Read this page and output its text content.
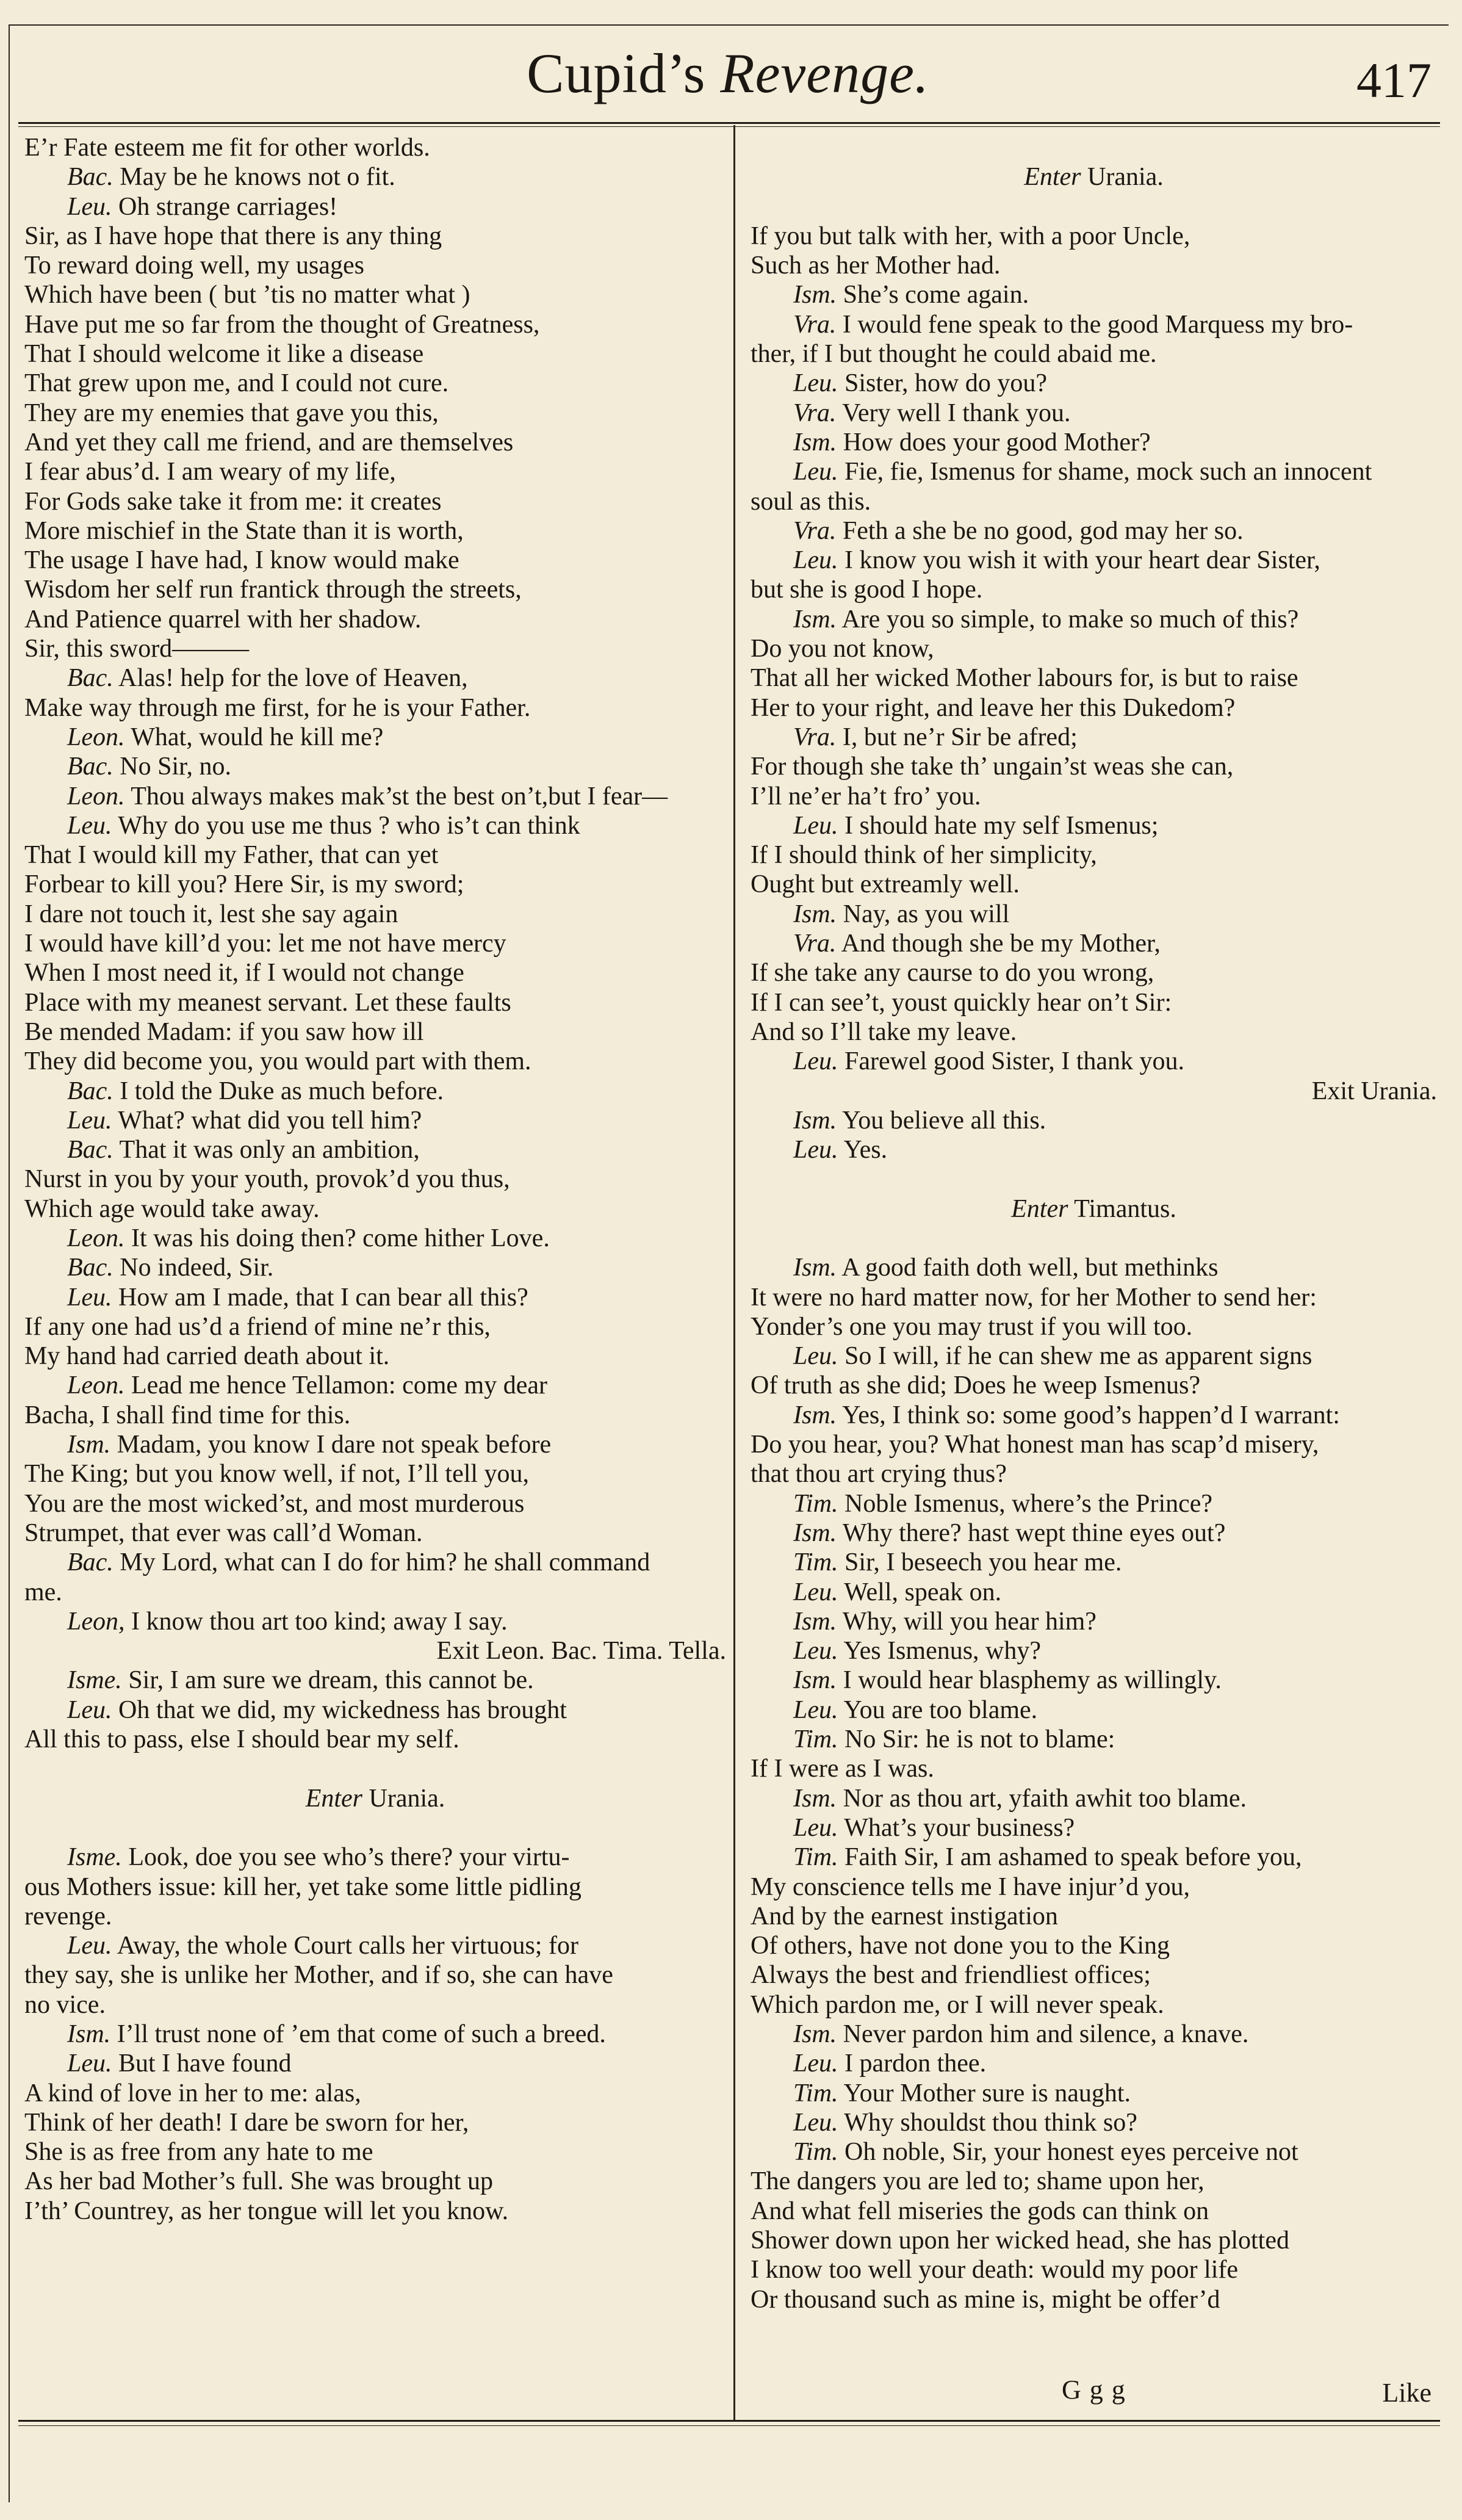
Cupid’s Revenge.	417
E’r Fate esteem me fit for other worlds.
Bac. May be he knows not o fit.
Leu. Oh strange carriages!
Sir, as I have hope that there is any thing
To reward doing well, my usages
Which have been ( but ’tis no matter what )
Have put me so far from the thought of Greatness,
That I should welcome it like a disease
That grew upon me, and I could not cure.
They are my enemies that gave you this,
And yet they call me friend, and are themselves
I fear abus’d. I am weary of my life,
For Gods sake take it from me: it creates
More mischief in the State than it is worth,
The usage I have had, I know would make
Wisdom her self run frantick through the streets,
And Patience quarrel with her shadow.
Sir, this sword———
Bac. Alas! help for the love of Heaven,
Make way through me first, for he is your Father.
Leon. What, would he kill me?
Bac. No Sir, no.
Leon. Thou always makes mak’st the best on’t,but I fear—
Leu. Why do you use me thus ? who is’t can think
That I would kill my Father, that can yet
Forbear to kill you? Here Sir, is my sword;
I dare not touch it, lest she say again
I would have kill’d you: let me not have mercy
When I most need it, if I would not change
Place with my meanest servant. Let these faults
Be mended Madam: if you saw how ill
They did become you, you would part with them.
Bac. I told the Duke as much before.
Leu. What? what did you tell him?
Bac. That it was only an ambition,
Nurst in you by your youth, provok’d you thus,
Which age would take away.
Leon. It was his doing then? come hither Love.
Bac. No indeed, Sir.
Leu. How am I made, that I can bear all this?
If any one had us’d a friend of mine ne’r this,
My hand had carried death about it.
Leon. Lead me hence Tellamon: come my dear
Bacha, I shall find time for this.
Ism. Madam, you know I dare not speak before
The King; but you know well, if not, I’ll tell you,
You are the most wicked’st, and most murderous
Strumpet, that ever was call’d Woman.
Bac. My Lord, what can I do for him? he shall command
me.
Leon, I know thou art too kind; away I say.
Exit Leon. Bac. Tima. Tella.
Isme. Sir, I am sure we dream, this cannot be.
Leu. Oh that we did, my wickedness has brought
All this to pass, else I should bear my self.
Enter Urania.
Isme. Look, doe you see who’s there? your virtu-
ous Mothers issue: kill her, yet take some little pidling
revenge.
Leu. Away, the whole Court calls her virtuous; for
they say, she is unlike her Mother, and if so, she can have
no vice.
Ism. I’ll trust none of ’em that come of such a breed.
Leu. But I have found
A kind of love in her to me: alas,
Think of her death! I dare be sworn for her,
She is as free from any hate to me
As her bad Mother’s full. She was brought up
I’th’ Countrey, as her tongue will let you know.
Enter Urania.
If you but talk with her, with a poor Uncle,
Such as her Mother had.
Ism. She’s come again.
Vra. I would fene speak to the good Marquess my bro-
ther, if I but thought he could abaid me.
Leu. Sister, how do you?
Vra. Very well I thank you.
Ism. How does your good Mother?
Leu. Fie, fie, Ismenus for shame, mock such an innocent
soul as this.
Vra. Feth a she be no good, god may her so.
Leu. I know you wish it with your heart dear Sister,
but she is good I hope.
Ism. Are you so simple, to make so much of this?
Do you not know,
That all her wicked Mother labours for, is but to raise
Her to your right, and leave her this Dukedom?
Vra. I, but ne’r Sir be afred;
For though she take th’ ungain’st weas she can,
I’ll ne’er ha’t fro’ you.
Leu. I should hate my self Ismenus;
If I should think of her simplicity,
Ought but extreamly well.
Ism. Nay, as you will
Vra. And though she be my Mother,
If she take any caurse to do you wrong,
If I can see’t, youst quickly hear on’t Sir:
And so I’ll take my leave.
Leu. Farewel good Sister, I thank you.
Exit Urania.
Ism. You believe all this.
Leu. Yes.
Enter Timantus.
Ism. A good faith doth well, but methinks
It were no hard matter now, for her Mother to send her:
Yonder’s one you may trust if you will too.
Leu. So I will, if he can shew me as apparent signs
Of truth as she did; Does he weep Ismenus?
Ism. Yes, I think so: some good’s happen’d I warrant:
Do you hear, you? What honest man has scap’d misery,
that thou art crying thus?
Tim. Noble Ismenus, where’s the Prince?
Ism. Why there? hast wept thine eyes out?
Tim. Sir, I beseech you hear me.
Leu. Well, speak on.
Ism. Why, will you hear him?
Leu. Yes Ismenus, why?
Ism. I would hear blasphemy as willingly.
Leu. You are too blame.
Tim. No Sir: he is not to blame:
If I were as I was.
Ism. Nor as thou art, yfaith awhit too blame.
Leu. What’s your business?
Tim. Faith Sir, I am ashamed to speak before you,
My conscience tells me I have injur’d you,
And by the earnest instigation
Of others, have not done you to the King
Always the best and friendliest offices;
Which pardon me, or I will never speak.
Ism. Never pardon him and silence, a knave.
Leu. I pardon thee.
Tim. Your Mother sure is naught.
Leu. Why shouldst thou think so?
Tim. Oh noble, Sir, your honest eyes perceive not
The dangers you are led to; shame upon her,
And what fell miseries the gods can think on
Shower down upon her wicked head, she has plotted
I know too well your death: would my poor life
Or thousand such as mine is, might be offer’d
Ggg	Like
